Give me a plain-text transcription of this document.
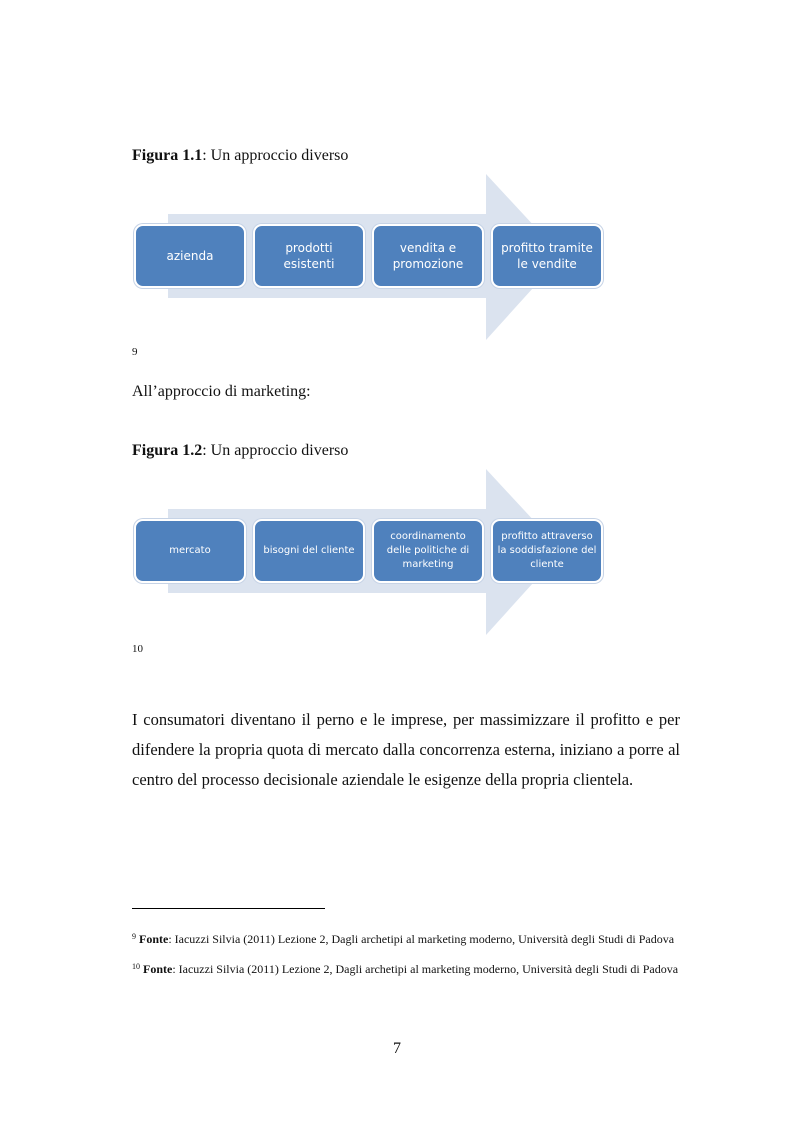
Figura 1.1: Un approccio diverso
azienda
prodotti
esistenti
vendita e
promozione
profitto tramite
le vendite
9
All’approccio di marketing:
Figura 1.2: Un approccio diverso
mercato	bisogni del cliente
coordinamento
delle politiche di
marketing
profitto attraverso
la soddisfazione del
cliente
10
I consumatori diventano il perno e le imprese, per massimizzare il profitto e per difendere la propria quota di mercato dalla concorrenza esterna, iniziano a porre al centro del processo decisionale aziendale le esigenze della propria clientela.
$^9$ Fonte: Iacuzzi Silvia (2011) Lezione 2, Dagli archetipi al marketing moderno, Università degli Studi di Padova
$^{10}$ Fonte: Iacuzzi Silvia (2011) Lezione 2, Dagli archetipi al marketing moderno, Università degli Studi di Padova
7
